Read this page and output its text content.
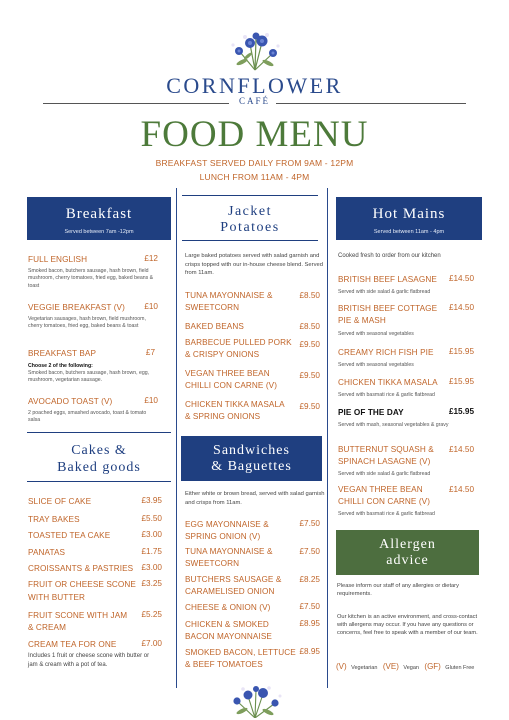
CORNFLOWER
CAFÉ
FOOD MENU
BREAKFAST SERVED DAILY FROM 9AM - 12PM
LUNCH FROM 11AM - 4PM
Breakfast
Served between 7am -12pm
FULL ENGLISH	£12
Smoked bacon, butchers sausage, hash brown, field mushroom, cherry tomatoes, fried egg, baked beans & toast
VEGGIE BREAKFAST (V)	£10
Vegetarian sausages, hash brown, field mushroom, cherry tomatoes, fried egg, baked beans & toast
BREAKFAST BAP	£7
Choose 2 of the following:
Smoked bacon, butchers sausage, hash brown, egg, mushroom, vegetarian sausage.
AVOCADO TOAST (V)	£10
2 poached eggs, smashed avocado, toast & tomato salsa
Cakes &
Baked goods
SLICE OF CAKE	£3.95
TRAY BAKES	£5.50
TOASTED TEA CAKE	£3.00
PANATAS	£1.75
CROISSANTS & PASTRIES	£3.00
FRUIT OR CHEESE SCONE
WITH BUTTER
£3.25
FRUIT SCONE WITH JAM
& CREAM
£5.25
CREAM TEA FOR ONE	£7.00
Includes 1 fruit or cheese scone with butter or jam & cream with a pot of tea.
Jacket
Potatoes
Large baked potatoes served with salad garnish and crisps topped with our in-house cheese blend. Served from 11am.
TUNA MAYONNAISE &
SWEETCORN
£8.50
BAKED BEANS	£8.50
BARBECUE PULLED PORK
& CRISPY ONIONS
£9.50
VEGAN THREE BEAN
CHILLI CON CARNE (V)
£9.50
CHICKEN TIKKA MASALA
& SPRING ONIONS
£9.50
Sandwiches
& Baguettes
Either white or brown bread, served with salad garnish and crisps from 11am.
EGG MAYONNAISE &
SPRING ONION (V)
£7.50
TUNA MAYONNAISE &
SWEETCORN
£7.50
BUTCHERS SAUSAGE &
CARAMELISED ONION
£8.25
CHEESE & ONION (V)	£7.50
CHICKEN & SMOKED
BACON MAYONNAISE
£8.95
SMOKED BACON, LETTUCE
& BEEF TOMATOES
£8.95
Hot Mains
Served between 11am - 4pm
Cooked fresh to order from our kitchen
BRITISH BEEF LASAGNE	£14.50
Served with side salad & garlic flatbread
BRITISH BEEF COTTAGE
PIE & MASH
£14.50
Served with seasonal vegetables
CREAMY RICH FISH PIE	£15.95
Served with seasonal vegetables
CHICKEN TIKKA MASALA	£15.95
Served with basmati rice & garlic flatbread
PIE OF THE DAY	£15.95
Served with mash, seasonal vegetables & gravy
BUTTERNUT SQUASH &
SPINACH LASAGNE (V)
£14.50
Served with side salad & garlic flatbread
VEGAN THREE BEAN
CHILLI CON CARNE (V)
£14.50
Served with basmati rice & garlic flatbread
Allergen
advice
Please inform our staff of any allergies or dietary requirements.
Our kitchen is an active environment, and cross-contact with allergens may occur. If you have any questions or concerns, feel free to speak with a member of our team.
(V) Vegetarian (VE) Vegan (GF) Gluten Free
